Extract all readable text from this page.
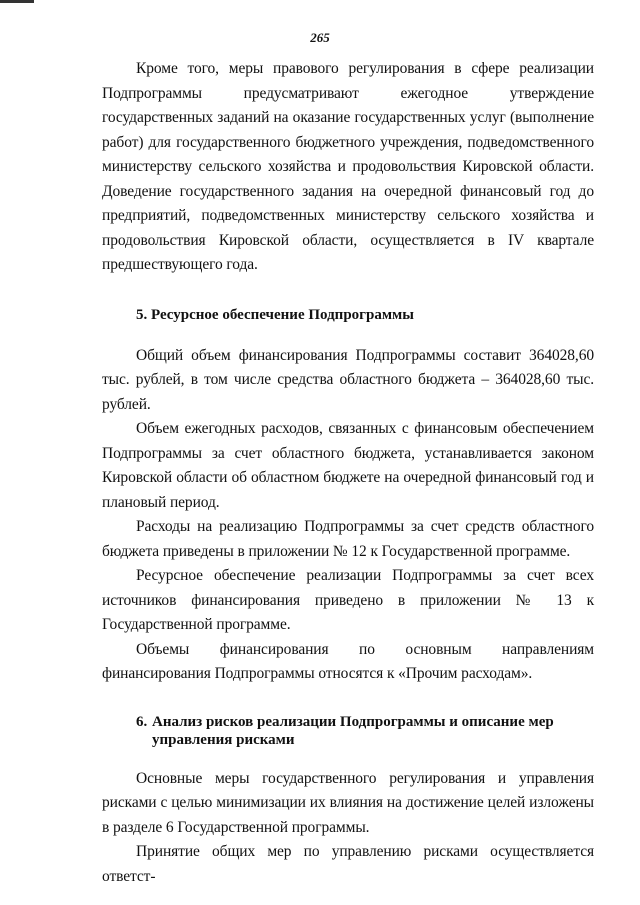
265

Кроме того, меры правового регулирования в сфере реализации Подпрограммы предусматривают ежегодное утверждение государственных заданий на оказание государственных услуг (выполнение работ) для государственного бюджетного учреждения, подведомственного министерству сельского хозяйства и продовольствия Кировской области. Доведение государственного задания на очередной финансовый год до предприятий, подведомственных министерству сельского хозяйства и продовольствия Кировской области, осуществляется в IV квартале предшествующего года.

5. Ресурсное обеспечение Подпрограммы

Общий объем финансирования Подпрограммы составит 364028,60 тыс. рублей, в том числе средства областного бюджета – 364028,60 тыс. рублей.

Объем ежегодных расходов, связанных с финансовым обеспечением Подпрограммы за счет областного бюджета, устанавливается законом Кировской области об областном бюджете на очередной финансовый год и плановый период.

Расходы на реализацию Подпрограммы за счет средств областного бюджета приведены в приложении № 12 к Государственной программе.

Ресурсное обеспечение реализации Подпрограммы за счет всех источников финансирования приведено в приложении № 13 к Государственной программе.

Объемы финансирования по основным направлениям финансирования Подпрограммы относятся к «Прочим расходам».

6. Анализ рисков реализации Подпрограммы и описание мер
управления рисками

Основные меры государственного регулирования и управления рисками с целью минимизации их влияния на достижение целей изложены в разделе 6 Государственной программы.

Принятие общих мер по управлению рисками осуществляется ответст-
